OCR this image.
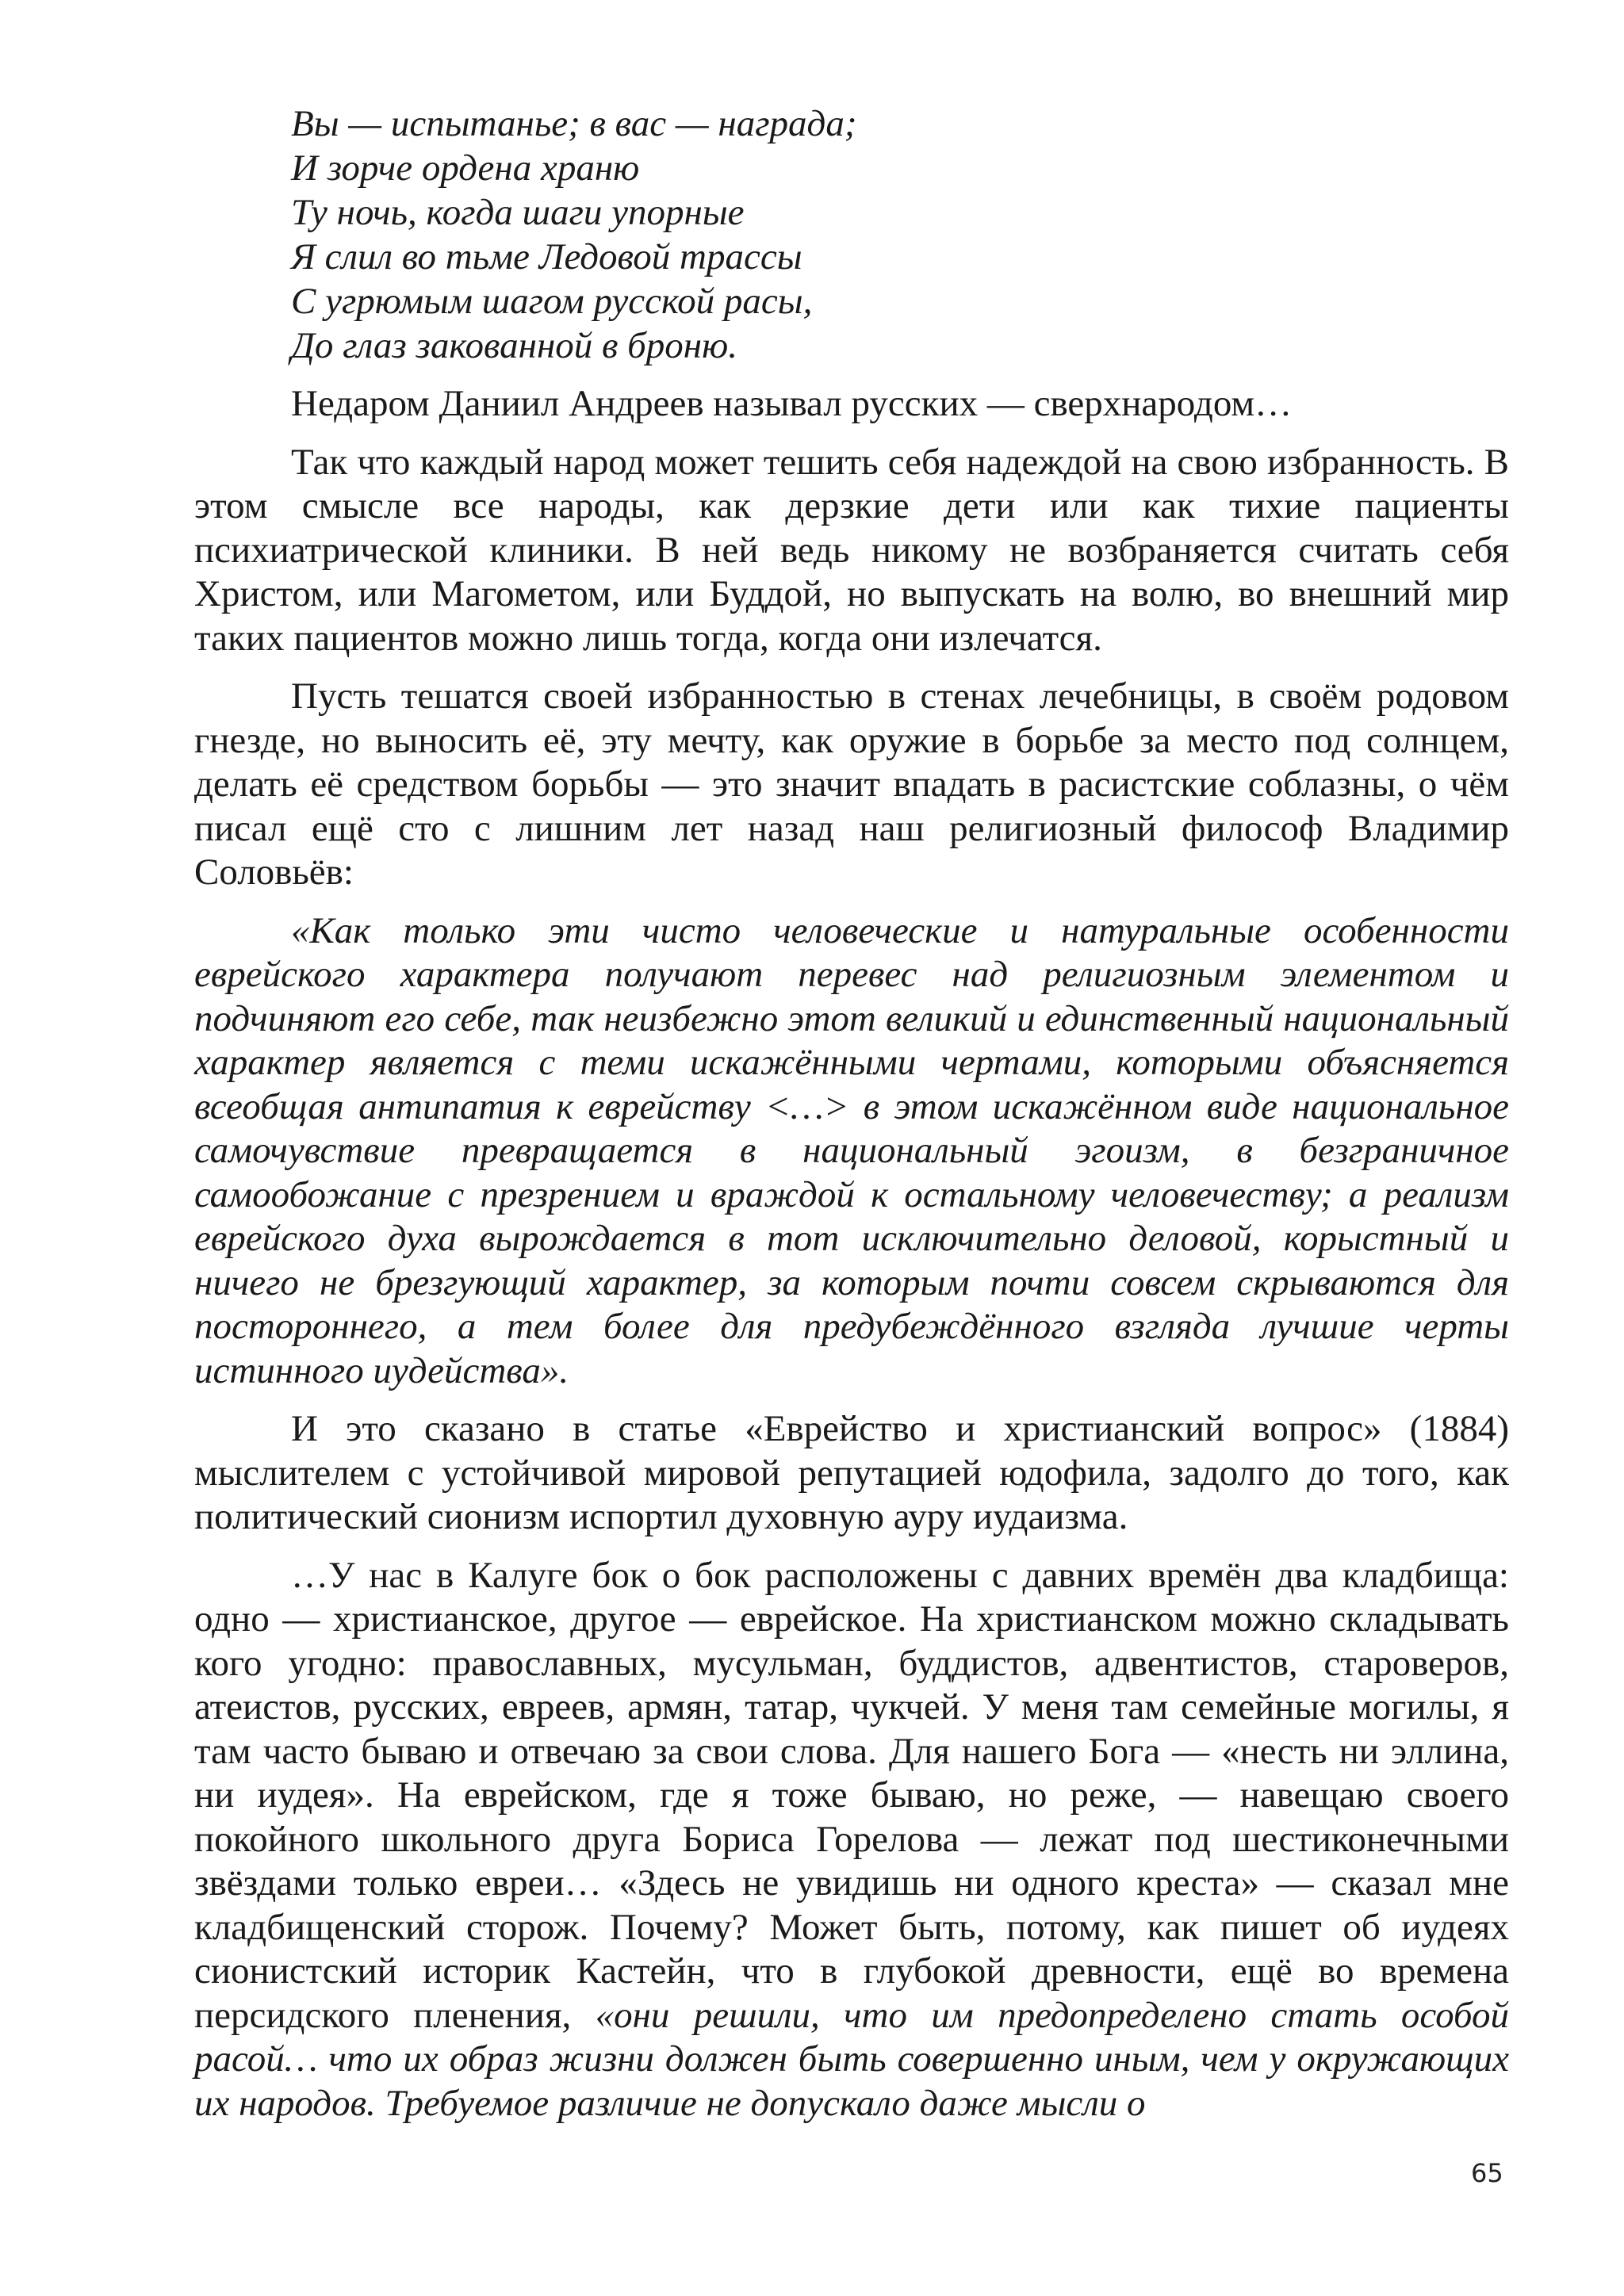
Вы — испытанье; в вас — награда;
И зорче ордена храню
Ту ночь, когда шаги упорные
Я слил во тьме Ледовой трассы
С угрюмым шагом русской расы,
До глаз закованной в броню.

Недаром Даниил Андреев называл русских — сверхнародом…

Так что каждый народ может тешить себя надеждой на свою избранность. В этом смысле все народы, как дерзкие дети или как тихие пациенты психиатрической клиники. В ней ведь никому не возбраняется считать себя Христом, или Магометом, или Буддой, но выпускать на волю, во внешний мир таких пациентов можно лишь тогда, когда они излечатся.

Пусть тешатся своей избранностью в стенах лечебницы, в своём родовом гнезде, но выносить её, эту мечту, как оружие в борьбе за место под солнцем, делать её средством борьбы — это значит впадать в расистские соблазны, о чём писал ещё сто с лишним лет назад наш религиозный философ Владимир Соловьёв:

«Как только эти чисто человеческие и натуральные особенности еврейского характера получают перевес над религиозным элементом и подчиняют его себе, так неизбежно этот великий и единственный национальный характер является с теми искажёнными чертами, которыми объясняется всеобщая антипатия к еврейству <…> в этом искажённом виде национальное самочувствие превращается в национальный эгоизм, в безграничное самообожание с презрением и враждой к остальному человечеству; а реализм еврейского духа вырождается в тот исключительно деловой, корыстный и ничего не брезгующий характер, за которым почти совсем скрываются для постороннего, а тем более для предубеждённого взгляда лучшие черты истинного иудейства».

И это сказано в статье «Еврейство и христианский вопрос» (1884) мыслителем с устойчивой мировой репутацией юдофила, задолго до того, как политический сионизм испортил духовную ауру иудаизма.

…У нас в Калуге бок о бок расположены с давних времён два кладбища: одно — христианское, другое — еврейское. На христианском можно складывать кого угодно: православных, мусульман, буддистов, адвентистов, староверов, атеистов, русских, евреев, армян, татар, чукчей. У меня там семейные могилы, я там часто бываю и отвечаю за свои слова. Для нашего Бога — «несть ни эллина, ни иудея». На еврейском, где я тоже бываю, но реже, — навещаю своего покойного школьного друга Бориса Горелова — лежат под шестиконечными звёздами только евреи… «Здесь не увидишь ни одного креста» — сказал мне кладбищенский сторож. Почему? Может быть, потому, как пишет об иудеях сионистский историк Кастейн, что в глубокой древности, ещё во времена персидского пленения, «они решили, что им предопределено стать особой расой… что их образ жизни должен быть совершенно иным, чем у окружающих их народов. Требуемое различие не допускало даже мысли о

65
